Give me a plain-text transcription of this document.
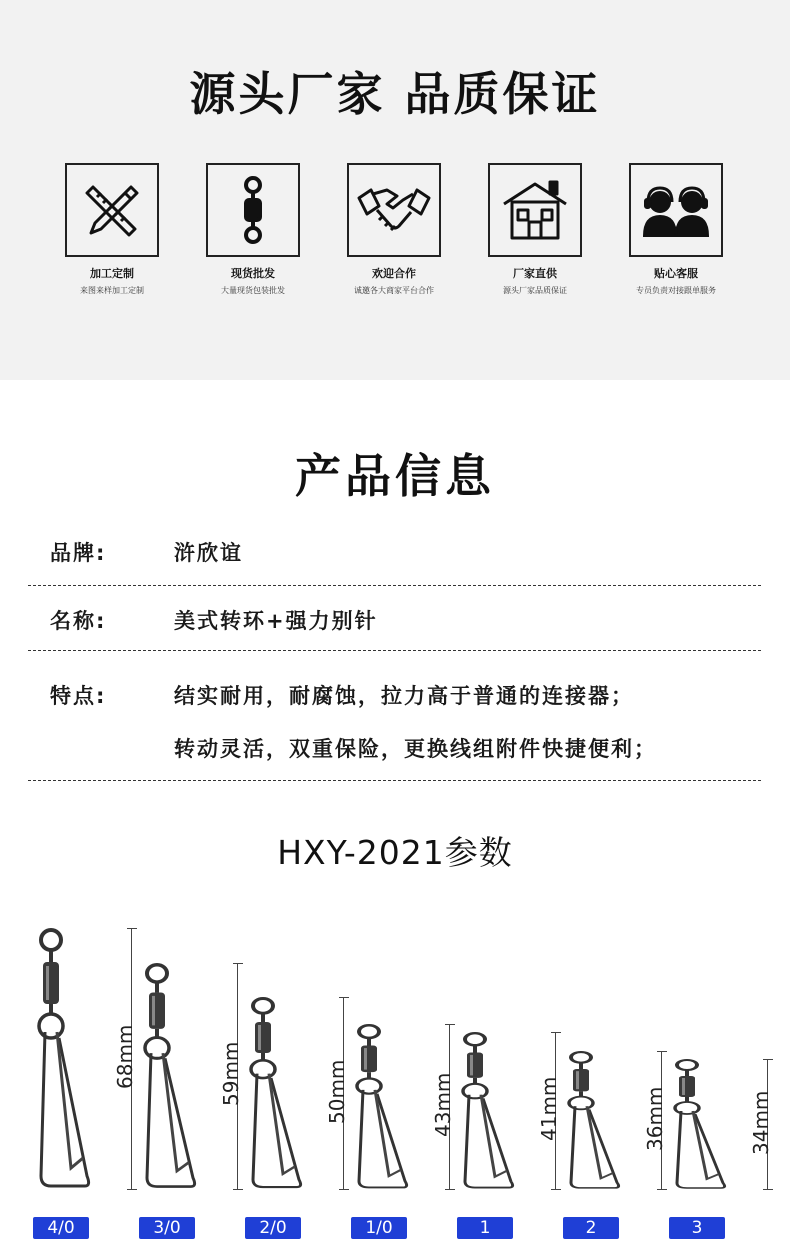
源头厂家 品质保证
加工定制
来图来样加工定制
现货批发
大量现货包装批发
欢迎合作
诚邀各大商家平台合作
厂家直供
源头厂家品质保证
贴心客服
专员负责对接跟单服务
产品信息
品牌:	浒欣谊
名称:	美式转环+强力别针
特点:	结实耐用，耐腐蚀，拉力高于普通的连接器；
转动灵活，双重保险，更换线组附件快捷便利；
HXY-2021参数
68mm
4/0
59mm
3/0
50mm
2/0
43mm
1/0
41mm
1
36mm
2
34mm
3
